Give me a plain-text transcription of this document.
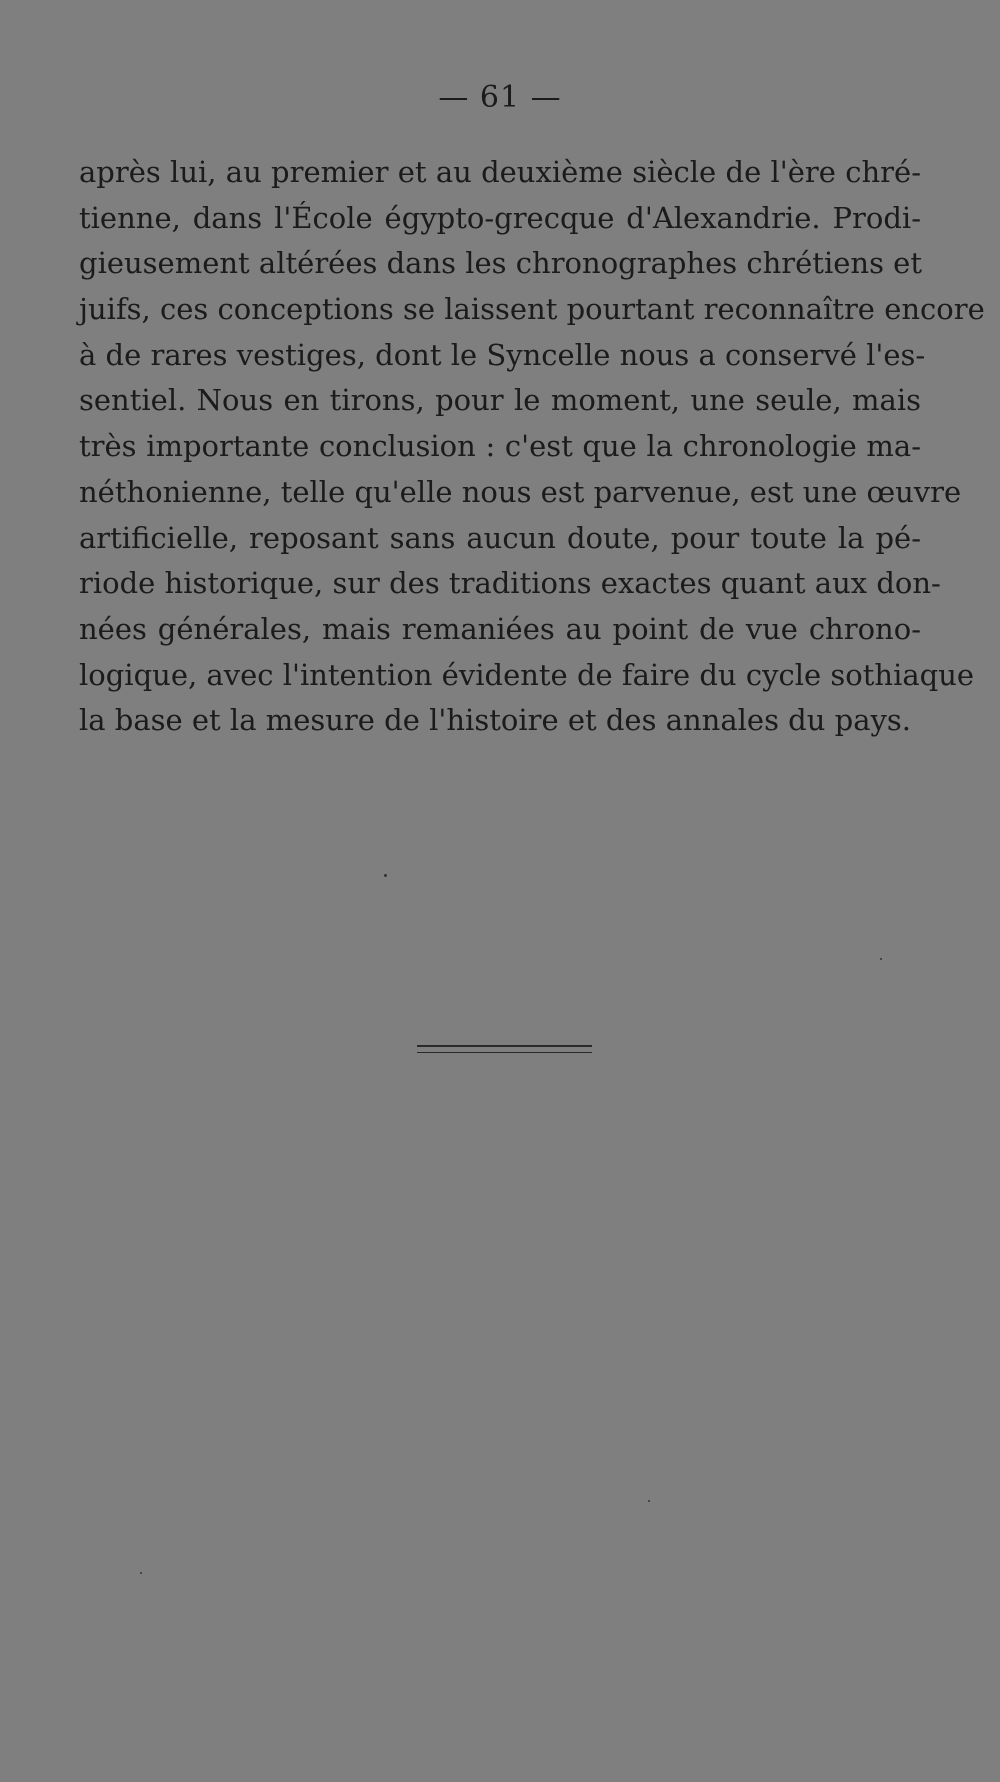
— 61 —
après lui, au premier et au deuxième siècle de l'ère chré-
tienne, dans l'École égypto-grecque d'Alexandrie. Prodi-
gieusement altérées dans les chronographes chrétiens et
juifs, ces conceptions se laissent pourtant reconnaître encore
à de rares vestiges, dont le Syncelle nous a conservé l'es-
sentiel. Nous en tirons, pour le moment, une seule, mais
très importante conclusion : c'est que la chronologie ma-
néthonienne, telle qu'elle nous est parvenue, est une œuvre
artificielle, reposant sans aucun doute, pour toute la pé-
riode historique, sur des traditions exactes quant aux don-
nées générales, mais remaniées au point de vue chrono-
logique, avec l'intention évidente de faire du cycle sothiaque
la base et la mesure de l'histoire et des annales du pays.
